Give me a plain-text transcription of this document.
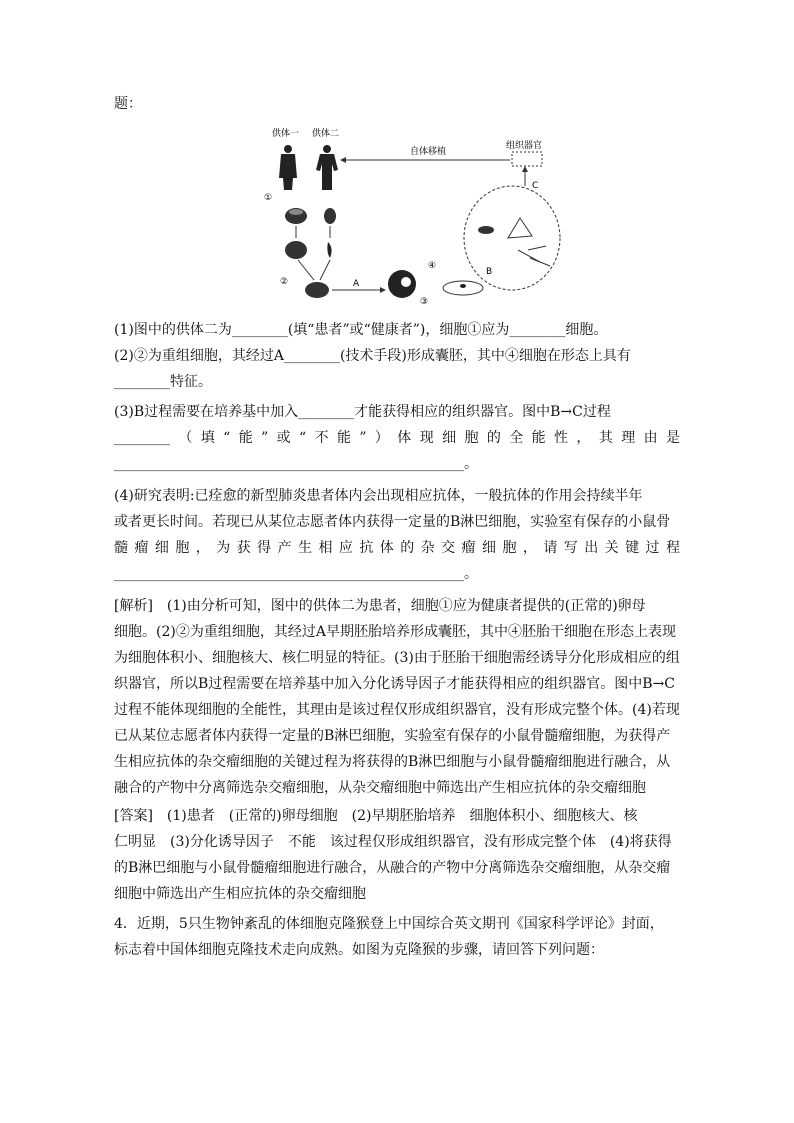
题：
供体一 供体二
①
②	A
④
③
B
C
组织器官
自体移植
(1)图中的供体二为________(填“患者”或“健康者”)，细胞①应为________细胞。
(2)②为重组细胞，其经过A________(技术手段)形成囊胚，其中④细胞在形态上具有
________特征。
(3)B过程需要在培养基中加入________才能获得相应的组织器官。图中B→C过程
________（填“能”或“不能”）体现细胞的全能性，其理由是
__________________________________________________。
(4)研究表明:已痊愈的新型肺炎患者体内会出现相应抗体，一般抗体的作用会持续半年
或者更长时间。若现已从某位志愿者体内获得一定量的B淋巴细胞，实验室有保存的小鼠骨
髓瘤细胞，为获得产生相应抗体的杂交瘤细胞，请写出关键过程
__________________________________________________。
[解析]　(1)由分析可知，图中的供体二为患者，细胞①应为健康者提供的(正常的)卵母
细胞。(2)②为重组细胞，其经过A早期胚胎培养形成囊胚，其中④胚胎干细胞在形态上表现
为细胞体积小、细胞核大、核仁明显的特征。(3)由于胚胎干细胞需经诱导分化形成相应的组
织器官，所以B过程需要在培养基中加入分化诱导因子才能获得相应的组织器官。图中B→C
过程不能体现细胞的全能性，其理由是该过程仅形成组织器官，没有形成完整个体。(4)若现
已从某位志愿者体内获得一定量的B淋巴细胞，实验室有保存的小鼠骨髓瘤细胞，为获得产
生相应抗体的杂交瘤细胞的关键过程为将获得的B淋巴细胞与小鼠骨髓瘤细胞进行融合，从
融合的产物中分离筛选杂交瘤细胞，从杂交瘤细胞中筛选出产生相应抗体的杂交瘤细胞
[答案]　(1)患者　(正常的)卵母细胞　(2)早期胚胎培养　细胞体积小、细胞核大、核
仁明显　(3)分化诱导因子　不能　该过程仅形成组织器官，没有形成完整个体　(4)将获得
的B淋巴细胞与小鼠骨髓瘤细胞进行融合，从融合的产物中分离筛选杂交瘤细胞，从杂交瘤
细胞中筛选出产生相应抗体的杂交瘤细胞
4．近期，5只生物钟紊乱的体细胞克隆猴登上中国综合英文期刊《国家科学评论》封面，
标志着中国体细胞克隆技术走向成熟。如图为克隆猴的步骤，请回答下列问题：
